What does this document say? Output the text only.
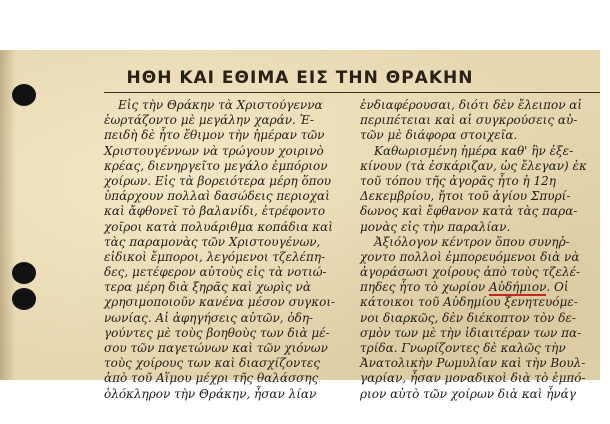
ΗΘΗ ΚΑΙ ΕΘΙΜΑ ΕΙΣ ΤΗΝ ΘΡΑΚΗΝ
Εἰς τὴν Θράκην τὰ Χριστούγεννα
ἑωρτάζοντο μὲ μεγάλην χαράν. Ἐ-
πειδὴ δὲ ἦτο ἔθιμον τὴν ἡμέραν τῶν
Χριστουγέννων νὰ τρώγουν χοιρινὸ
κρέας, διενηργεῖτο μεγάλο ἐμπόριον
χοίρων. Εἰς τὰ βορειότερα μέρη ὅπου
ὑπάρχουν πολλαὶ δασώδεις περιοχαὶ
καὶ ἄφθονεῖ τὸ βαλανίδι, ἐτρέφοντο
χοῖροι κατὰ πολυάριθμα κοπάδια καὶ
τὰς παραμονὰς τῶν Χριστουγένων,
εἰδικοὶ ἔμποροι, λεγόμενοι τζελέπη-
δες, μετέφερον αὐτοὺς εἰς τὰ νοτιώ-
τερα μέρη διὰ ξηρᾶς καὶ χωρὶς νὰ
χρησιμοποιοῦν κανένα μέσον συγκοι-
νωνίας. Αἱ ἀφηγήσεις αὐτῶν, ὁδη-
γούντες μὲ τοὺς βοηθοὺς των διὰ μέ-
σου τῶν παγετώνων καὶ τῶν χιόνων
τοὺς χοίρους των καὶ διασχίζοντες
ἀπὸ τοῦ Αἵμου μέχρι τῆς θαλάσσης
ὁλόκληρον τὴν Θράκην, ἦσαν λίαν
ἐνδιαφέρουσαι, διότι δὲν ἔλειπον αἱ
περιπέτειαι καὶ αἱ συγκρούσεις αὐ-
τῶν μὲ διάφορα στοιχεῖα.
Καθωρισμένη ἡμέρα καθ' ἣν ἐξε-
κίνουν (τὰ ἐσκάριζαν, ὡς ἔλεγαν) ἐκ
τοῦ τόπου τῆς ἀγορᾶς ἦτο ἡ 12η
Δεκεμβρίου, ἤτοι τοῦ ἁγίου Σπυρί-
δωνος καὶ ἔφθανον κατὰ τὰς παρα-
μονὰς εἰς τὴν παραλίαν.
Ἀξιόλογον κέντρον ὅπου συνηῤ-
χοντο πολλοὶ ἐμπορευόμενοι διὰ νὰ
ἀγοράσωσι χοίρους ἀπὸ τοὺς τζελέ-
πηδες ἦτο τὸ χωρίον Αὐδήμιον. Οἱ
κάτοικοι τοῦ Αὐδημίου ξενητευόμε-
νοι διαρκῶς, δὲν διέκοπτον τὸν δε-
σμὸν των μὲ τὴν ἰδιαιτέραν των πα-
τρίδα. Γνωρίζοντες δὲ καλῶς τὴν
Ἀνατολικὴν Ρωμυλίαν καὶ τὴν Βουλ-
γαρίαν, ἦσαν μοναδικοὶ διὰ τὸ ἐμπό-
ριον αὐτὸ τῶν χοίρων διὰ καὶ ἦνάγ
